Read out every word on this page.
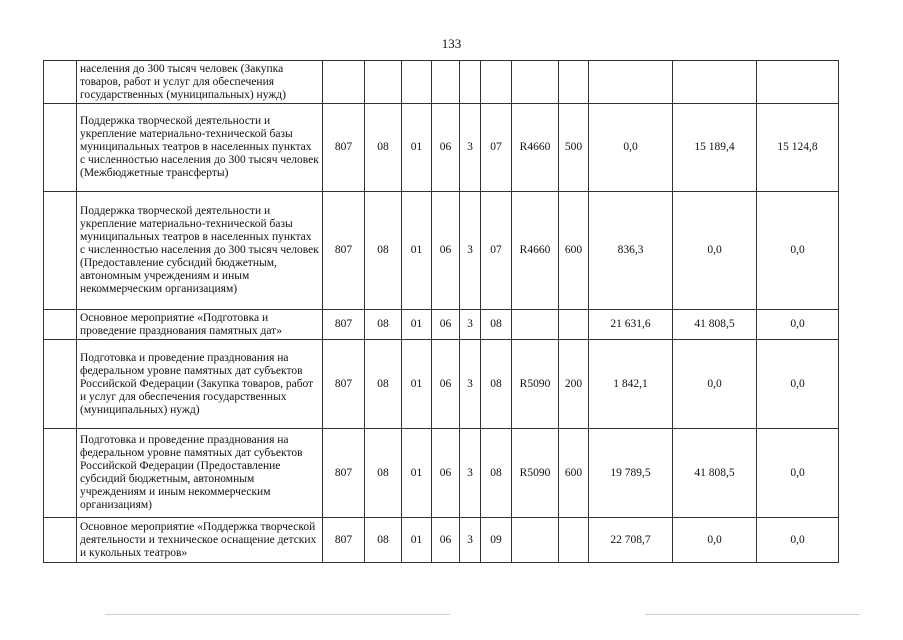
133
	населения до 300 тысяч человек (Закупка товаров, работ и услуг для обеспечения государственных (муниципальных) нужд)											
	Поддержка творческой деятельности и укрепление материально-технической базы муниципальных театров в населенных пунктах с численностью населения до 300 тысяч человек (Межбюджетные трансферты)	807	08	01	06	3	07	R4660	500	0,0	15 189,4	15 124,8
	Поддержка творческой деятельности и укрепление материально-технической базы муниципальных театров в населенных пунктах с численностью населения до 300 тысяч человек (Предоставление субсидий бюджетным, автономным учреждениям и иным некоммерческим организациям)	807	08	01	06	3	07	R4660	600	836,3	0,0	0,0
	Основное мероприятие «Подготовка и проведение празднования памятных дат»	807	08	01	06	3	08			21 631,6	41 808,5	0,0
	Подготовка и проведение празднования на федеральном уровне памятных дат субъектов Российской Федерации (Закупка товаров, работ и услуг для обеспечения государственных (муниципальных) нужд)	807	08	01	06	3	08	R5090	200	1 842,1	0,0	0,0
	Подготовка и проведение празднования на федеральном уровне памятных дат субъектов Российской Федерации (Предоставление субсидий бюджетным, автономным учреждениям и иным некоммерческим организациям)	807	08	01	06	3	08	R5090	600	19 789,5	41 808,5	0,0
	Основное мероприятие «Поддержка творческой деятельности и техническое оснащение детских и кукольных театров»	807	08	01	06	3	09			22 708,7	0,0	0,0
